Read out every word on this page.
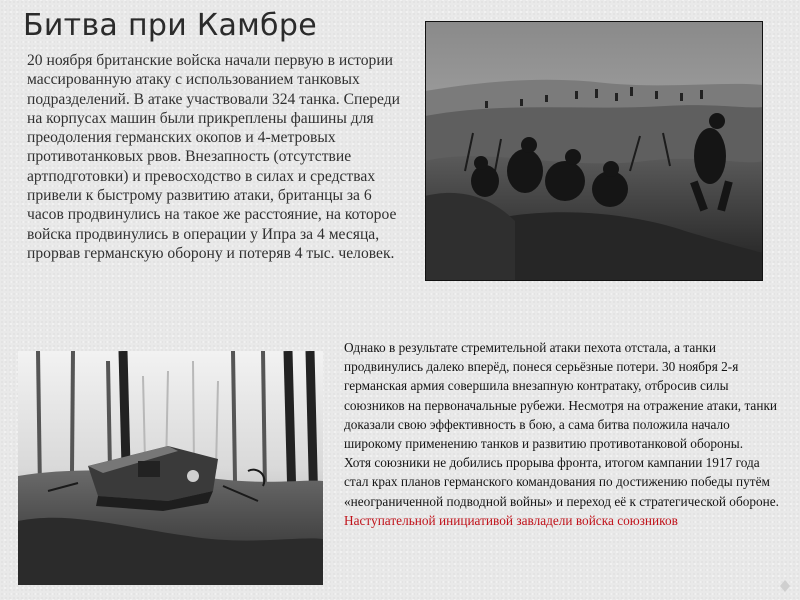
Битва при Камбре

20 ноября британские войска начали первую в истории массированную атаку с использованием танковых подразделений. В атаке участвовали 324 танка. Спереди на корпусах машин были прикреплены фашины для преодоления германских окопов и 4-метровых противотанковых рвов. Внезапность (отсутствие артподготовки) и превосходство в силах и средствах привели к быстрому развитию атаки, британцы за 6 часов продвинулись на такое же расстояние, на которое войска продвинулись в операции у Ипра за 4 месяца, прорвав германскую оборону и потеряв 4 тыс. человек.

Однако в результате стремительной атаки пехота отстала, а танки продвинулись далеко вперёд, понеся серьёзные потери. 30 ноября 2-я германская армия совершила внезапную контратаку, отбросив силы союзников на первоначальные рубежи. Несмотря на отражение атаки, танки доказали свою эффективность в бою, а сама битва положила начало широкому применению танков и развитию противотанковой обороны.
Хотя союзники не добились прорыва фронта, итогом кампании 1917 года стал крах планов германского командования по достижению победы путём «неограниченной подводной войны» и переход её к стратегической обороне.
Наступательной инициативой завладели войска союзников
